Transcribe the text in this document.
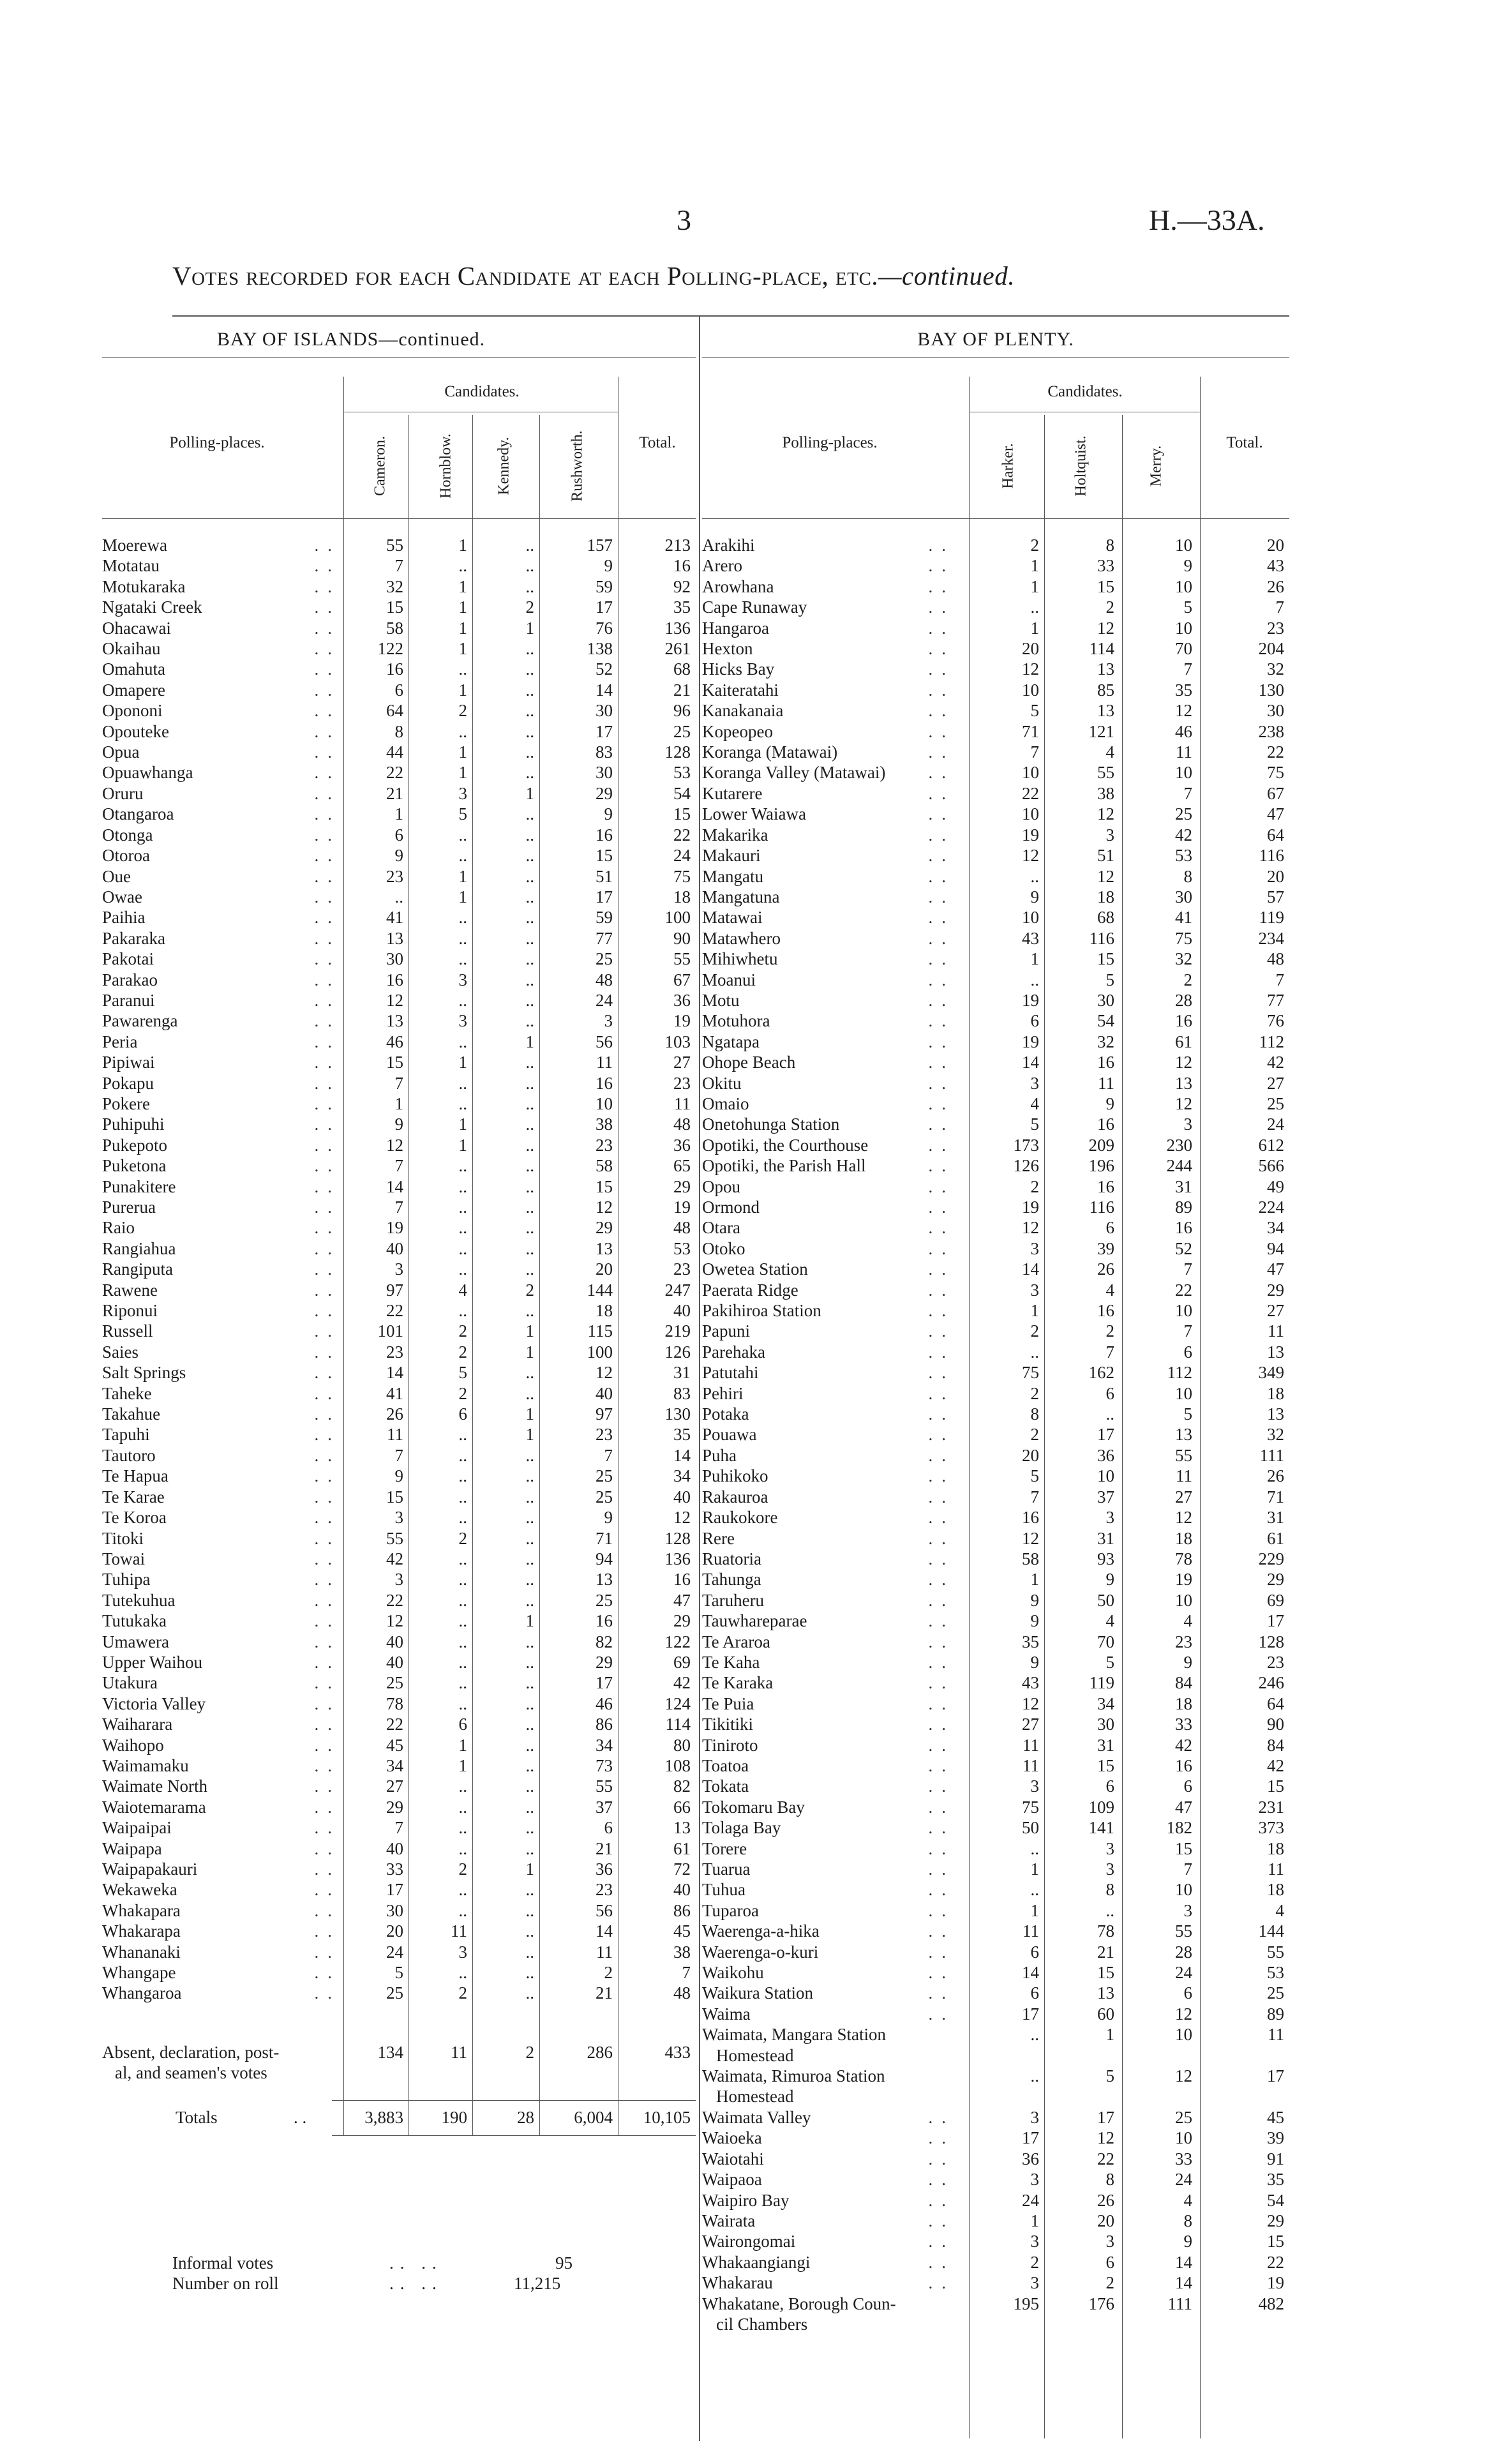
3	H.—33A.
Votes recorded for each Candidate at each Polling-place, etc.—continued.
BAY OF ISLANDS—continued.
Candidates.
Polling-places.	Total.
Cameron.	Hornblow.	Kennedy.	Rushworth.
BAY OF PLENTY.
Candidates.
Polling-places.	Total.
Harker.	Holtquist.	Merry.
Moerewa ..	55	1	..	157	213
Motatau ..	7	..	..	9	16
Motukaraka ..	32	1	..	59	92
Ngataki Creek ..	15	1	2	17	35
Ohacawai ..	58	1	1	76	136
Okaihau ..	122	1	..	138	261
Omahuta ..	16	..	..	52	68
Omapere ..	6	1	..	14	21
Opononi ..	64	2	..	30	96
Opouteke ..	8	..	..	17	25
Opua ..	44	1	..	83	128
Opuawhanga ..	22	1	..	30	53
Oruru ..	21	3	1	29	54
Otangaroa ..	1	5	..	9	15
Otonga ..	6	..	..	16	22
Otoroa ..	9	..	..	15	24
Oue ..	23	1	..	51	75
Owae ..	..	1	..	17	18
Paihia ..	41	..	..	59	100
Pakaraka ..	13	..	..	77	90
Pakotai ..	30	..	..	25	55
Parakao ..	16	3	..	48	67
Paranui ..	12	..	..	24	36
Pawarenga ..	13	3	..	3	19
Peria ..	46	..	1	56	103
Pipiwai ..	15	1	..	11	27
Pokapu ..	7	..	..	16	23
Pokere ..	1	..	..	10	11
Puhipuhi ..	9	1	..	38	48
Pukepoto ..	12	1	..	23	36
Puketona ..	7	..	..	58	65
Punakitere ..	14	..	..	15	29
Purerua ..	7	..	..	12	19
Raio ..	19	..	..	29	48
Rangiahua ..	40	..	..	13	53
Rangiputa ..	3	..	..	20	23
Rawene ..	97	4	2	144	247
Riponui ..	22	..	..	18	40
Russell ..	101	2	1	115	219
Saies ..	23	2	1	100	126
Salt Springs ..	14	5	..	12	31
Taheke ..	41	2	..	40	83
Takahue ..	26	6	1	97	130
Tapuhi ..	11	..	1	23	35
Tautoro ..	7	..	..	7	14
Te Hapua ..	9	..	..	25	34
Te Karae ..	15	..	..	25	40
Te Koroa ..	3	..	..	9	12
Titoki ..	55	2	..	71	128
Towai ..	42	..	..	94	136
Tuhipa ..	3	..	..	13	16
Tutekuhua ..	22	..	..	25	47
Tutukaka ..	12	..	1	16	29
Umawera ..	40	..	..	82	122
Upper Waihou ..	40	..	..	29	69
Utakura ..	25	..	..	17	42
Victoria Valley ..	78	..	..	46	124
Waiharara ..	22	6	..	86	114
Waihopo ..	45	1	..	34	80
Waimamaku ..	34	1	..	73	108
Waimate North ..	27	..	..	55	82
Waiotemarama ..	29	..	..	37	66
Waipaipai ..	7	..	..	6	13
Waipapa ..	40	..	..	21	61
Waipapakauri ..	33	2	1	36	72
Wekaweka ..	17	..	..	23	40
Whakapara ..	30	..	..	56	86
Whakarapa ..	20	11	..	14	45
Whananaki ..	24	3	..	11	38
Whangape ..	5	..	..	2	7
Whangaroa ..	25	2	..	21	48
Absent, declaration, post-
al, and seamen's votes
134	11	2	286	433
Totals	. .	3,883	190	28	6,004	10,105
Informal votes	.. ..	95
Number on roll	.. ..	11,215
Arakihi ..	2	8	10	20
Arero ..	1	33	9	43
Arowhana ..	1	15	10	26
Cape Runaway ..	..	2	5	7
Hangaroa ..	1	12	10	23
Hexton ..	20	114	70	204
Hicks Bay ..	12	13	7	32
Kaiteratahi ..	10	85	35	130
Kanakanaia ..	5	13	12	30
Kopeopeo ..	71	121	46	238
Koranga (Matawai) ..	7	4	11	22
Koranga Valley (Matawai) ..	10	55	10	75
Kutarere ..	22	38	7	67
Lower Waiawa ..	10	12	25	47
Makarika ..	19	3	42	64
Makauri ..	12	51	53	116
Mangatu ..	..	12	8	20
Mangatuna ..	9	18	30	57
Matawai ..	10	68	41	119
Matawhero ..	43	116	75	234
Mihiwhetu ..	1	15	32	48
Moanui ..	..	5	2	7
Motu ..	19	30	28	77
Motuhora ..	6	54	16	76
Ngatapa ..	19	32	61	112
Ohope Beach ..	14	16	12	42
Okitu ..	3	11	13	27
Omaio ..	4	9	12	25
Onetohunga Station ..	5	16	3	24
Opotiki, the Courthouse ..	173	209	230	612
Opotiki, the Parish Hall ..	126	196	244	566
Opou ..	2	16	31	49
Ormond ..	19	116	89	224
Otara ..	12	6	16	34
Otoko ..	3	39	52	94
Owetea Station ..	14	26	7	47
Paerata Ridge ..	3	4	22	29
Pakihiroa Station ..	1	16	10	27
Papuni ..	2	2	7	11
Parehaka ..	..	7	6	13
Patutahi ..	75	162	112	349
Pehiri ..	2	6	10	18
Potaka ..	8	..	5	13
Pouawa ..	2	17	13	32
Puha ..	20	36	55	111
Puhikoko ..	5	10	11	26
Rakauroa ..	7	37	27	71
Raukokore ..	16	3	12	31
Rere ..	12	31	18	61
Ruatoria ..	58	93	78	229
Tahunga ..	1	9	19	29
Taruheru ..	9	50	10	69
Tauwhareparae ..	9	4	4	17
Te Araroa ..	35	70	23	128
Te Kaha ..	9	5	9	23
Te Karaka ..	43	119	84	246
Te Puia ..	12	34	18	64
Tikitiki ..	27	30	33	90
Tiniroto ..	11	31	42	84
Toatoa ..	11	15	16	42
Tokata ..	3	6	6	15
Tokomaru Bay ..	75	109	47	231
Tolaga Bay ..	50	141	182	373
Torere ..	..	3	15	18
Tuarua ..	1	3	7	11
Tuhua ..	..	8	10	18
Tuparoa ..	1	..	3	4
Waerenga-a-hika ..	11	78	55	144
Waerenga-o-kuri ..	6	21	28	55
Waikohu ..	14	15	24	53
Waikura Station ..	6	13	6	25
Waima ..	17	60	12	89

Waimata, Mangara Station
Homestead	..	1	10	11

Waimata, Rimuroa Station
Homestead	..	5	12	17
Waimata Valley ..	3	17	25	45
Waioeka ..	17	12	10	39
Waiotahi ..	36	22	33	91
Waipaoa ..	3	8	24	35
Waipiro Bay ..	24	26	4	54
Wairata ..	1	20	8	29
Wairongomai ..	3	3	9	15
Whakaangiangi ..	2	6	14	22
Whakarau ..	3	2	14	19

Whakatane, Borough Coun-
cil Chambers	195	176	111	482
